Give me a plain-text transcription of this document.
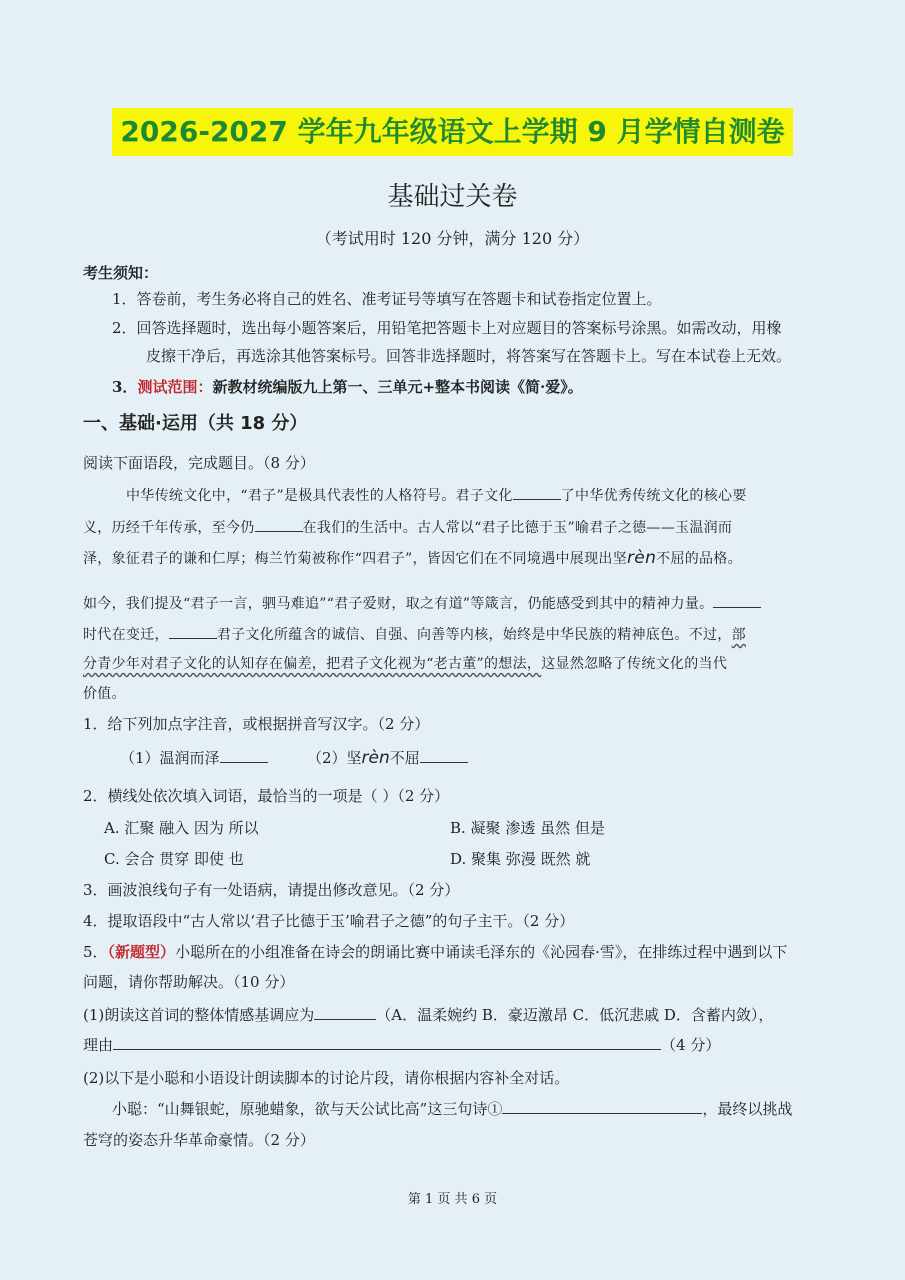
2026-2027 学年九年级语文上学期 9 月学情自测卷
基础过关卷
（考试用时 120 分钟，满分 120 分）
考生须知：
1．答卷前，考生务必将自己的姓名、准考证号等填写在答题卡和试卷指定位置上。
2．回答选择题时，选出每小题答案后，用铅笔把答题卡上对应题目的答案标号涂黑。如需改动，用橡
皮擦干净后，再选涂其他答案标号。回答非选择题时，将答案写在答题卡上。写在本试卷上无效。
3．测试范围：新教材统编版九上第一、三单元+整本书阅读《简·爱》。
一、基础·运用（共 18 分）
阅读下面语段，完成题目。（8 分）
中华传统文化中，“君子”是极具代表性的人格符号。君子文化	了中华优秀传统文化的核心要
义，历经千年传承，至今仍	在我们的生活中。古人常以“君子比德于玉”喻君子之德——玉温润而
泽，象征君子的谦和仁厚；梅兰竹菊被称作“四君子”，皆因它们在不同境遇中展现出坚rèn不屈的品格。
如今，我们提及“君子一言，驷马难追”“君子爱财，取之有道”等箴言，仍能感受到其中的精神力量。
时代在变迁，	君子文化所蕴含的诚信、自强、向善等内核，始终是中华民族的精神底色。不过，部
分青少年对君子文化的认知存在偏差，把君子文化视为“老古董”的想法，这显然忽略了传统文化的当代
价值。
1．给下列加点字注音，或根据拼音写汉字。（2 分）
（1）温润而泽	（2）坚rèn不屈
2．横线处依次填入词语，最恰当的一项是（ ）（2 分）
A. 汇聚 融入 因为 所以	B. 凝聚 渗透 虽然 但是
C. 会合 贯穿 即使 也	D. 聚集 弥漫 既然 就
3．画波浪线句子有一处语病，请提出修改意见。（2 分）
4．提取语段中“古人常以‘君子比德于玉’喻君子之德”的句子主干。（2 分）
5．（新题型）小聪所在的小组准备在诗会的朗诵比赛中诵读毛泽东的《沁园春·雪》，在排练过程中遇到以下
问题，请你帮助解决。（10 分）
(1)朗读这首词的整体情感基调应为	（A．温柔婉约 B．豪迈激昂 C．低沉悲戚 D．含蓄内敛），
理由	（4 分）
(2)以下是小聪和小语设计朗读脚本的讨论片段，请你根据内容补全对话。
小聪：“山舞银蛇，原驰蜡象，欲与天公试比高”这三句诗①	，最终以挑战
苍穹的姿态升华革命豪情。（2 分）
第 1 页 共 6 页
